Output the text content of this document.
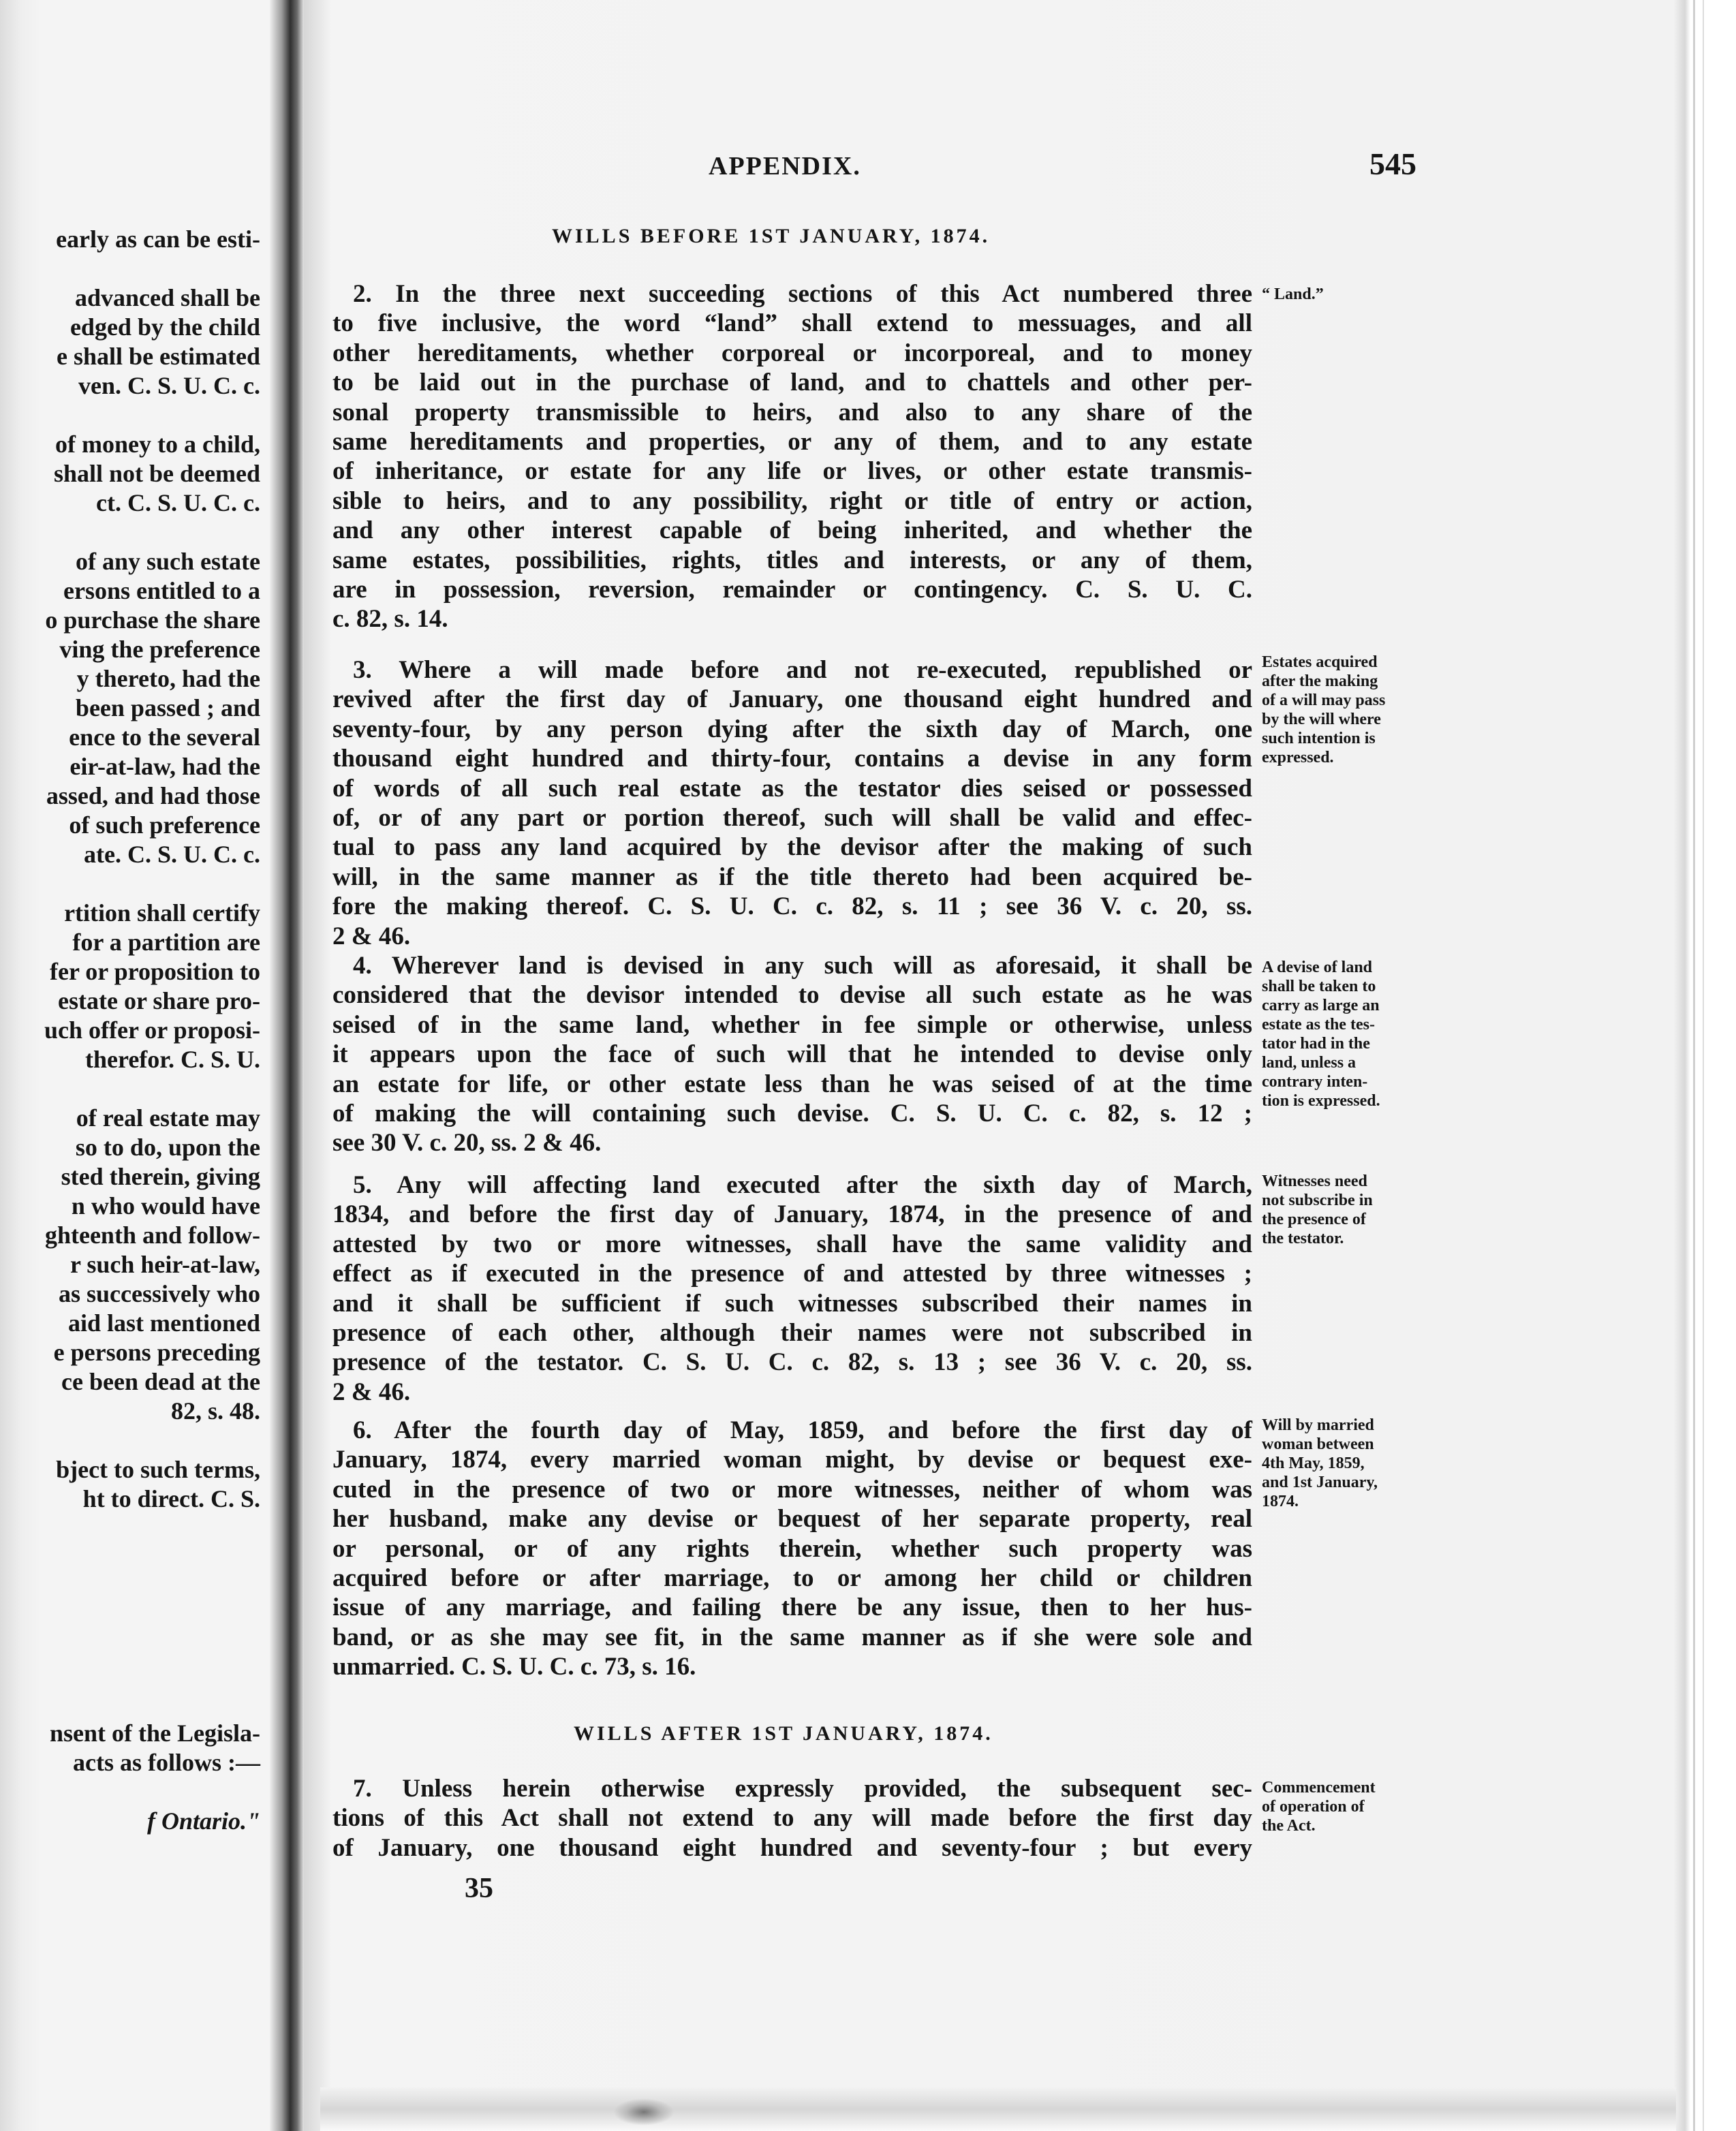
early as can be esti-
advanced shall be
edged by the child
e shall be estimated
ven. C. S. U. C. c.
of money to a child,
shall not be deemed
ct. C. S. U. C. c.
of any such estate
ersons entitled to a
o purchase the share
ving the preference
y thereto, had the
been passed ; and
ence to the several
eir-at-law, had the
assed, and had those
of such preference
ate. C. S. U. C. c.
rtition shall certify
for a partition are
fer or proposition to
estate or share pro-
uch offer or proposi-
therefor. C. S. U.
of real estate may
so to do, upon the
sted therein, giving
n who would have
ghteenth and follow-
r such heir-at-law,
as successively who
aid last mentioned
e persons preceding
ce been dead at the
82, s. 48.
bject to such terms,
ht to direct. C. S.
nsent of the Legisla-
acts as follows :—
f Ontario."
APPENDIX.	545
WILLS BEFORE 1ST JANUARY, 1874.
WILLS AFTER 1ST JANUARY, 1874.
2. In the three next succeeding sections of this Act numbered three
to five inclusive, the word “land” shall extend to messuages, and all
other hereditaments, whether corporeal or incorporeal, and to money
to be laid out in the purchase of land, and to chattels and other per-
sonal property transmissible to heirs, and also to any share of the
same hereditaments and properties, or any of them, and to any estate
of inheritance, or estate for any life or lives, or other estate transmis-
sible to heirs, and to any possibility, right or title of entry or action,
and any other interest capable of being inherited, and whether the
same estates, possibilities, rights, titles and interests, or any of them,
are in possession, reversion, remainder or contingency. C. S. U. C.
c. 82, s. 14.
“ Land.”
3. Where a will made before and not re-executed, republished or
revived after the first day of January, one thousand eight hundred and
seventy-four, by any person dying after the sixth day of March, one
thousand eight hundred and thirty-four, contains a devise in any form
of words of all such real estate as the testator dies seised or possessed
of, or of any part or portion thereof, such will shall be valid and effec-
tual to pass any land acquired by the devisor after the making of such
will, in the same manner as if the title thereto had been acquired be-
fore the making thereof. C. S. U. C. c. 82, s. 11 ; see 36 V. c. 20, ss.
2 & 46.
Estates acquired
after the making
of a will may pass
by the will where
such intention is
expressed.
4. Wherever land is devised in any such will as aforesaid, it shall be
considered that the devisor intended to devise all such estate as he was
seised of in the same land, whether in fee simple or otherwise, unless
it appears upon the face of such will that he intended to devise only
an estate for life, or other estate less than he was seised of at the time
of making the will containing such devise. C. S. U. C. c. 82, s. 12 ;
see 30 V. c. 20, ss. 2 & 46.
A devise of land
shall be taken to
carry as large an
estate as the tes-
tator had in the
land, unless a
contrary inten-
tion is expressed.
5. Any will affecting land executed after the sixth day of March,
1834, and before the first day of January, 1874, in the presence of and
attested by two or more witnesses, shall have the same validity and
effect as if executed in the presence of and attested by three witnesses ;
and it shall be sufficient if such witnesses subscribed their names in
presence of each other, although their names were not subscribed in
presence of the testator. C. S. U. C. c. 82, s. 13 ; see 36 V. c. 20, ss.
2 & 46.
Witnesses need
not subscribe in
the presence of
the testator.
6. After the fourth day of May, 1859, and before the first day of
January, 1874, every married woman might, by devise or bequest exe-
cuted in the presence of two or more witnesses, neither of whom was
her husband, make any devise or bequest of her separate property, real
or personal, or of any rights therein, whether such property was
acquired before or after marriage, to or among her child or children
issue of any marriage, and failing there be any issue, then to her hus-
band, or as she may see fit, in the same manner as if she were sole and
unmarried. C. S. U. C. c. 73, s. 16.
Will by married
woman between
4th May, 1859,
and 1st January,
1874.
7. Unless herein otherwise expressly provided, the subsequent sec-
tions of this Act shall not extend to any will made before the first day
of January, one thousand eight hundred and seventy-four ; but every
Commencement
of operation of
the Act.
35
